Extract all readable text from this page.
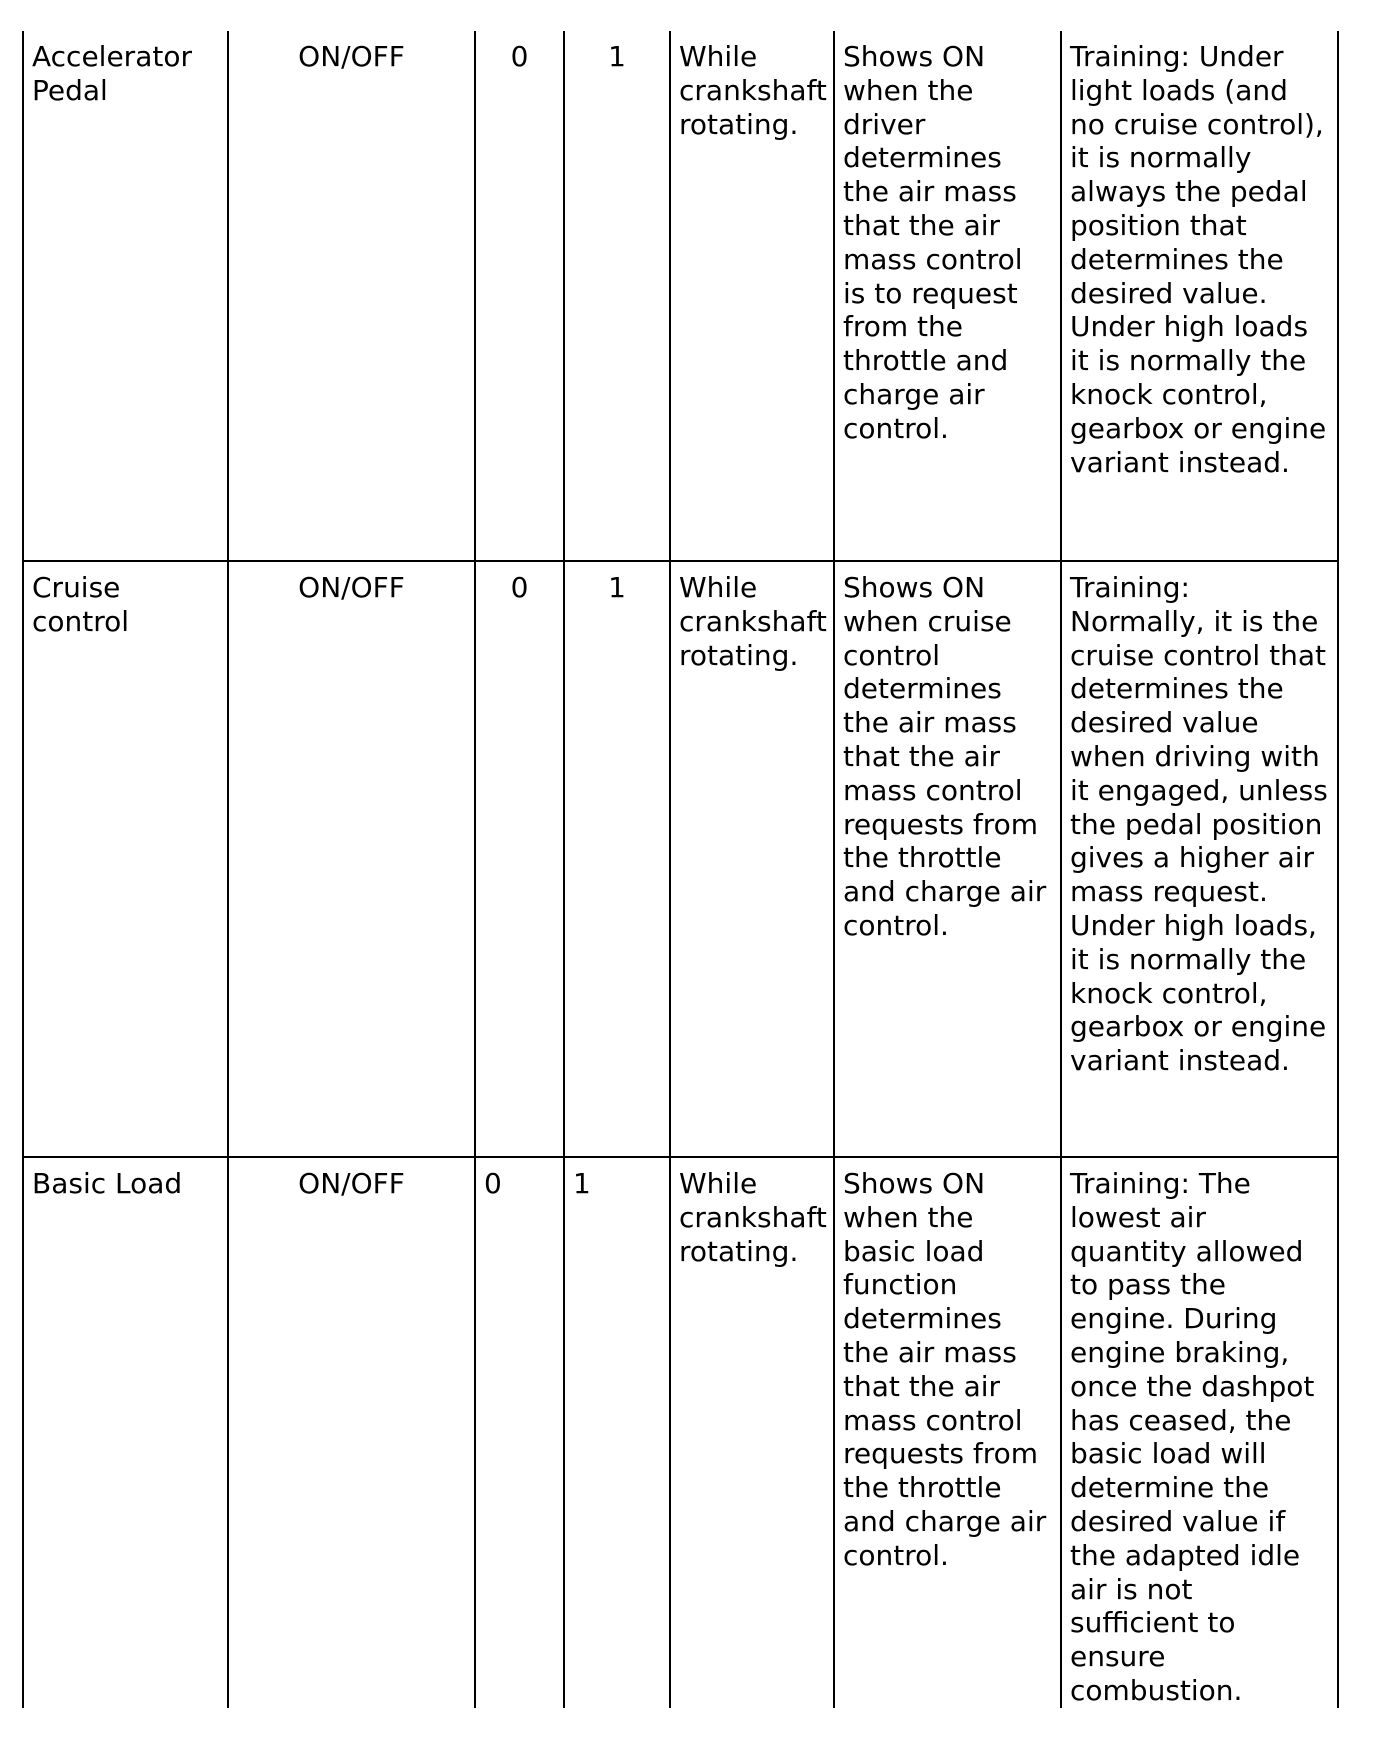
Accelerator
Pedal	ON/OFF	0	1	While crankshaft rotating.	Shows ON when the driver determines the air mass that the air mass control is to request from the throttle and charge air control.	Training: Under light loads (and no cruise control), it is normally always the pedal position that determines the desired value. Under high loads it is normally the knock control, gearbox or engine variant instead.

Cruise
control	ON/OFF	0	1	While crankshaft rotating.	Shows ON when cruise control determines the air mass that the air mass control requests from the throttle and charge air control.	Training: Normally, it is the cruise control that determines the desired value when driving with it engaged, unless the pedal position gives a higher air mass request. Under high loads, it is normally the knock control, gearbox or engine variant instead.

Basic Load	ON/OFF	0	1	While crankshaft rotating.	Shows ON when the basic load function determines the air mass that the air mass control requests from the throttle and charge air control.	Training: The lowest air quantity allowed to pass the engine. During engine braking, once the dashpot has ceased, the basic load will determine the desired value if the adapted idle air is not sufficient to ensure combustion.
